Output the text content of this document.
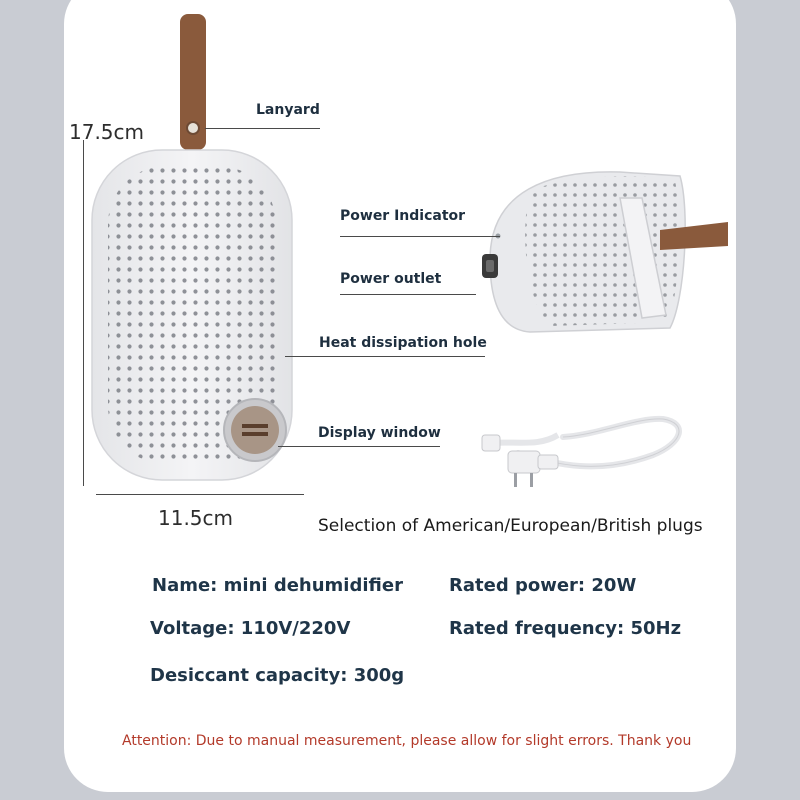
17.5cm
11.5cm
Lanyard
Power Indicator
Power outlet
Heat dissipation hole
Display window
Selection of American/European/British plugs
Name: mini dehumidifier	Rated power: 20W
Voltage: 110V/220V	Rated frequency: 50Hz
Desiccant capacity: 300g
Attention: Due to manual measurement, please allow for slight errors. Thank you
